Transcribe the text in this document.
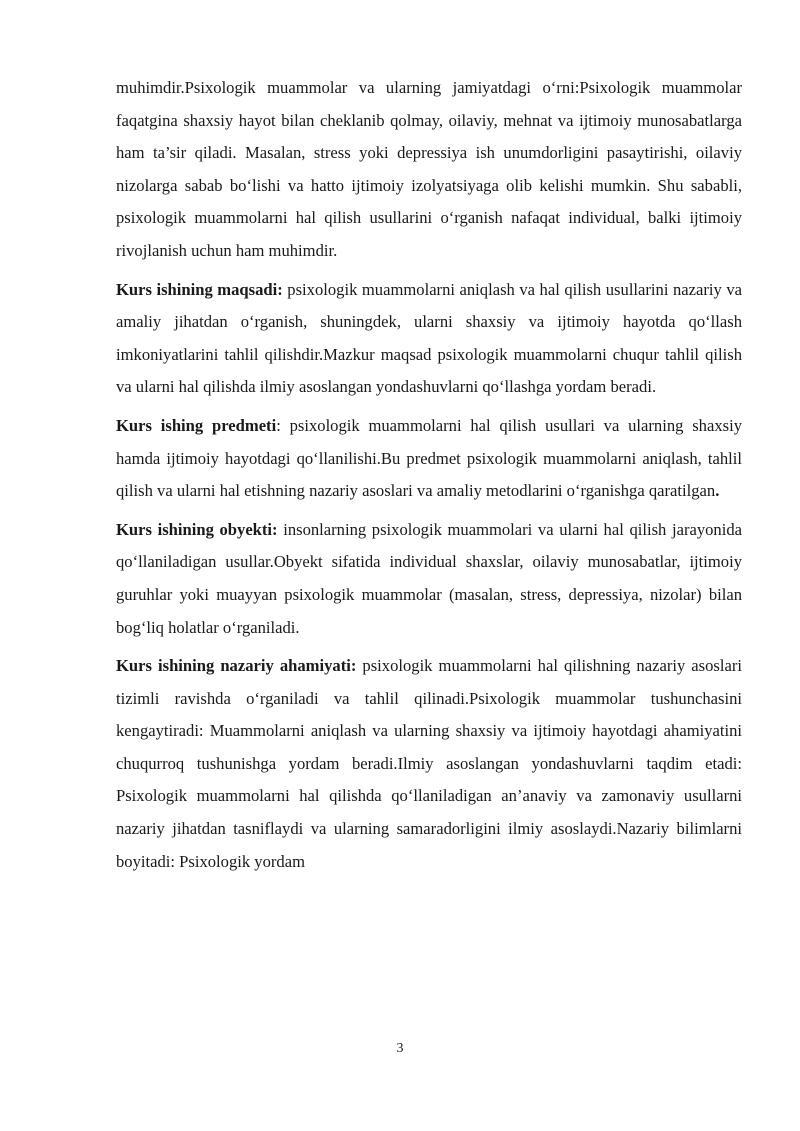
muhimdir.Psixologik muammolar va ularning jamiyatdagi o‘rni:Psixologik muammolar faqatgina shaxsiy hayot bilan cheklanib qolmay, oilaviy, mehnat va ijtimoiy munosabatlarga ham ta’sir qiladi. Masalan, stress yoki depressiya ish unumdorligini pasaytirishi, oilaviy nizolarga sabab bo‘lishi va hatto ijtimoiy izolyatsiyaga olib kelishi mumkin. Shu sababli, psixologik muammolarni hal qilish usullarini o‘rganish nafaqat individual, balki ijtimoiy rivojlanish uchun ham muhimdir.

Kurs ishining maqsadi: psixologik muammolarni aniqlash va hal qilish usullarini nazariy va amaliy jihatdan o‘rganish, shuningdek, ularni shaxsiy va ijtimoiy hayotda qo‘llash imkoniyatlarini tahlil qilishdir.Mazkur maqsad psixologik muammolarni chuqur tahlil qilish va ularni hal qilishda ilmiy asoslangan yondashuvlarni qo‘llashga yordam beradi.

Kurs ishing predmeti: psixologik muammolarni hal qilish usullari va ularning shaxsiy hamda ijtimoiy hayotdagi qo‘llanilishi.Bu predmet psixologik muammolarni aniqlash, tahlil qilish va ularni hal etishning nazariy asoslari va amaliy metodlarini o‘rganishga qaratilgan.

Kurs ishining obyekti: insonlarning psixologik muammolari va ularni hal qilish jarayonida qo‘llaniladigan usullar.Obyekt sifatida individual shaxslar, oilaviy munosabatlar, ijtimoiy guruhlar yoki muayyan psixologik muammolar (masalan, stress, depressiya, nizolar) bilan bog‘liq holatlar o‘rganiladi.

Kurs ishining nazariy ahamiyati: psixologik muammolarni hal qilishning nazariy asoslari tizimli ravishda o‘rganiladi va tahlil qilinadi.Psixologik muammolar tushunchasini kengaytiradi: Muammolarni aniqlash va ularning shaxsiy va ijtimoiy hayotdagi ahamiyatini chuqurroq tushunishga yordam beradi.Ilmiy asoslangan yondashuvlarni taqdim etadi: Psixologik muammolarni hal qilishda qo‘llaniladigan an’anaviy va zamonaviy usullarni nazariy jihatdan tasniflaydi va ularning samaradorligini ilmiy asoslaydi.Nazariy bilimlarni boyitadi: Psixologik yordam

3
